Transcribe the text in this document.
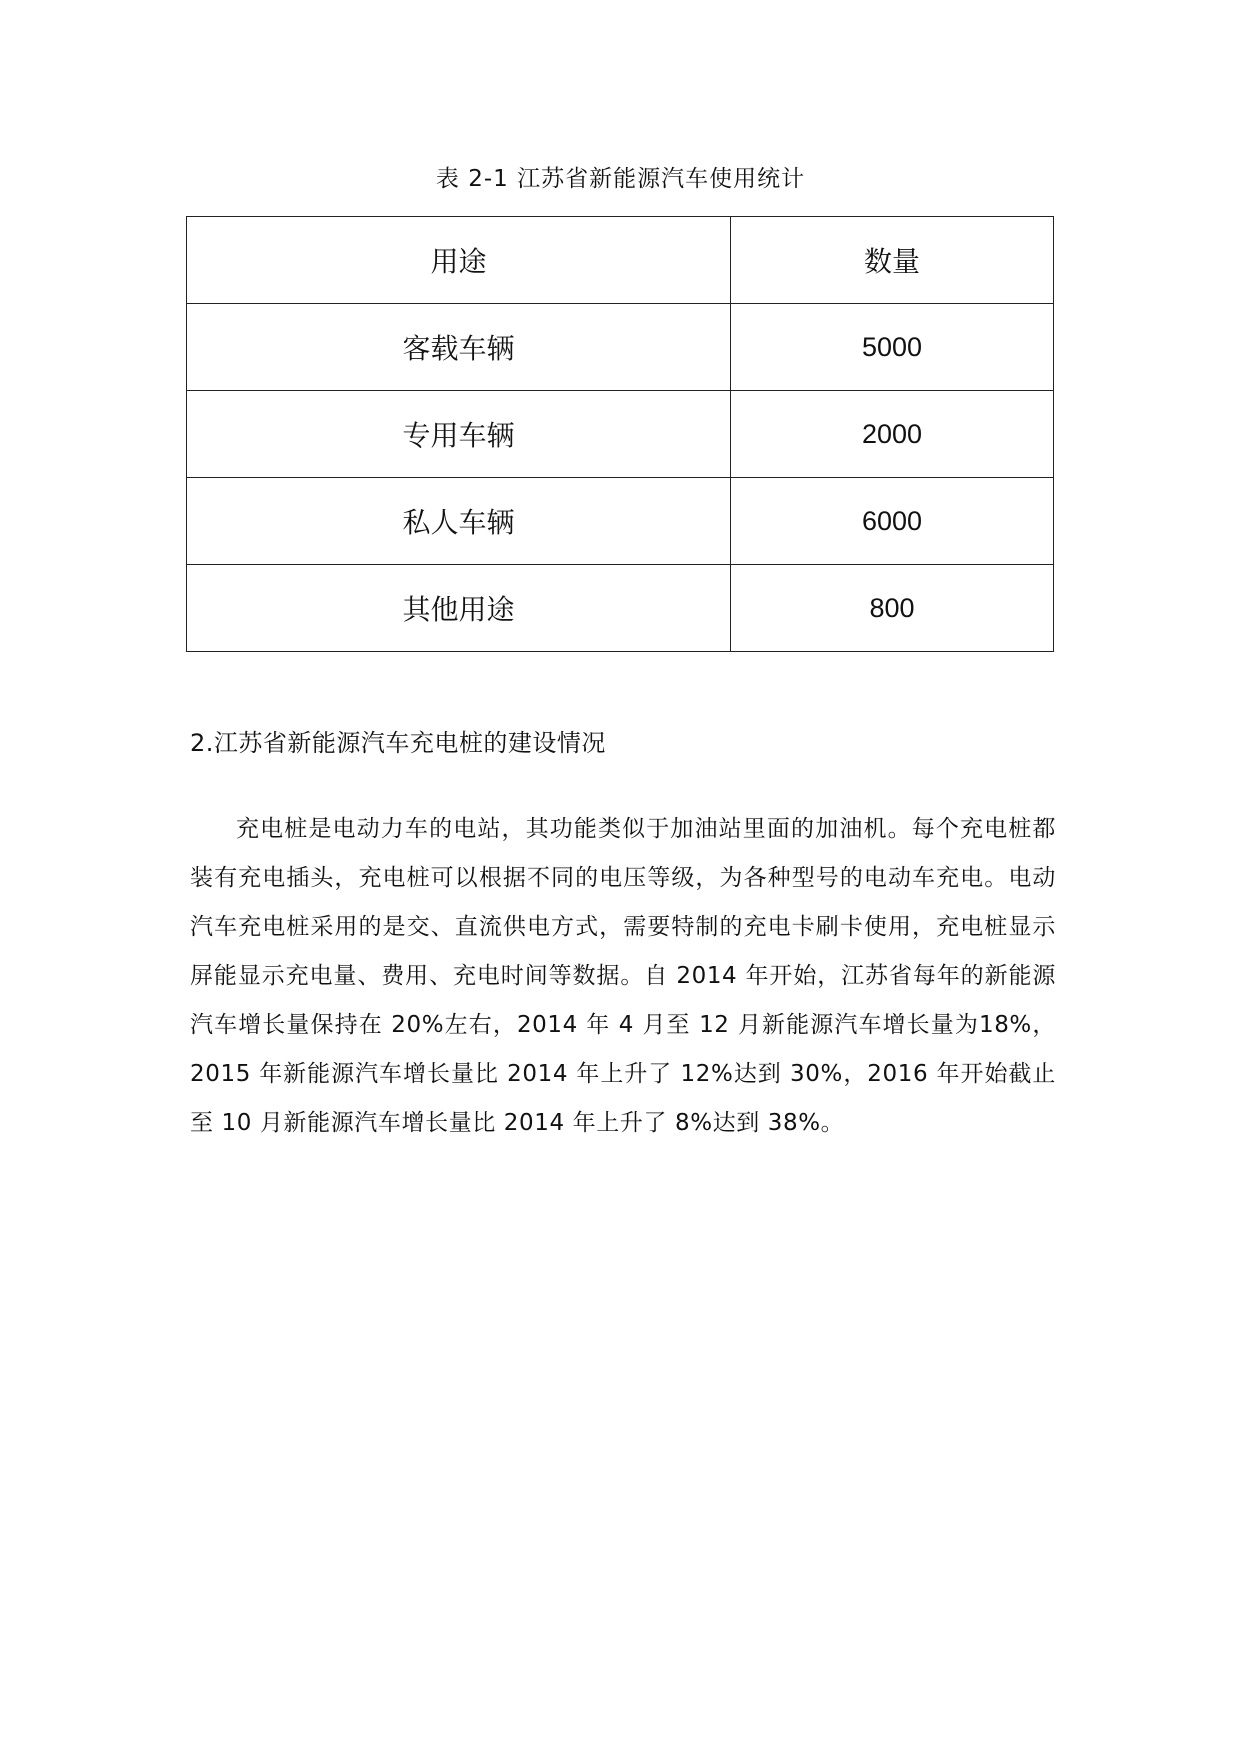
表 2-1 江苏省新能源汽车使用统计
用途	数量
客载车辆	5000
专用车辆	2000
私人车辆	6000
其他用途	800
2.江苏省新能源汽车充电桩的建设情况

充电桩是电动力车的电站，其功能类似于加油站里面的加油机。每个充电桩都装有充电插头，充电桩可以根据不同的电压等级，为各种型号的电动车充电。电动汽车充电桩采用的是交、直流供电方式，需要特制的充电卡刷卡使用，充电桩显示屏能显示充电量、费用、充电时间等数据。自 2014 年开始，江苏省每年的新能源汽车增长量保持在 20%左右，2014 年 4 月至 12 月新能源汽车增长量为18%，2015 年新能源汽车增长量比 2014 年上升了 12%达到 30%，2016 年开始截止至 10 月新能源汽车增长量比 2014 年上升了 8%达到 38%。
